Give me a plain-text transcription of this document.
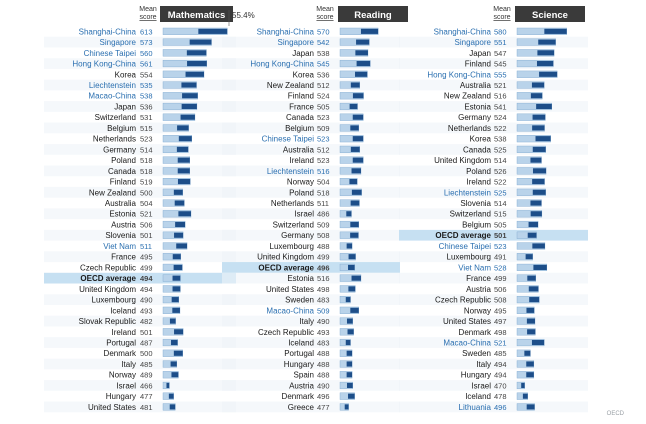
Mathematics
Mean
score
Shanghai-China 613
Singapore 573
Chinese Taipei 560
Hong Kong-China 561
Korea 554
Liechtenstein 535
Macao-China 538
Japan 536
Switzerland 531
Belgium 515
Netherlands 523
Germany 514
Poland 518
Canada 518
Finland 519
New Zealand 500
Australia 504
Estonia 521
Austria 506
Slovenia 501
Viet Nam 511
France 495
Czech Republic 499
OECD average 494
United Kingdom 494
Luxembourg 490
Iceland 493
Slovak Republic 482
Ireland 501
Portugal 487
Denmark 500
Italy 485
Norway 489
Israel 466
Hungary 477
United States 481
Reading
Mean
score
Shanghai-China 570
Singapore 542
Japan 538
Hong Kong-China 545
Korea 536
New Zealand 512
Finland 524
France 505
Canada 523
Belgium 509
Chinese Taipei 523
Australia 512
Ireland 523
Liechtenstein 516
Norway 504
Poland 518
Netherlands 511
Israel 486
Switzerland 509
Germany 508
Luxembourg 488
United Kingdom 499
OECD average 496
Estonia 516
United States 498
Sweden 483
Macao-China 509
Italy 490
Czech Republic 493
Iceland 483
Portugal 488
Hungary 488
Spain 488
Austria 490
Denmark 496
Greece 477
Science
Mean
score
Shanghai-China 580
Singapore 551
Japan 547
Finland 545
Hong Kong-China 555
Australia 521
New Zealand 516
Estonia 541
Germany 524
Netherlands 522
Korea 538
Canada 525
United Kingdom 514
Poland 526
Ireland 522
Liechtenstein 525
Slovenia 514
Switzerland 515
Belgium 505
OECD average 501
Chinese Taipei 523
Luxembourg 491
Viet Nam 528
France 499
Austria 506
Czech Republic 508
Norway 495
United States 497
Denmark 498
Macao-China 521
Sweden 485
Italy 494
Hungary 494
Israel 470
Iceland 478
Lithuania 496
55.4%
OECD
